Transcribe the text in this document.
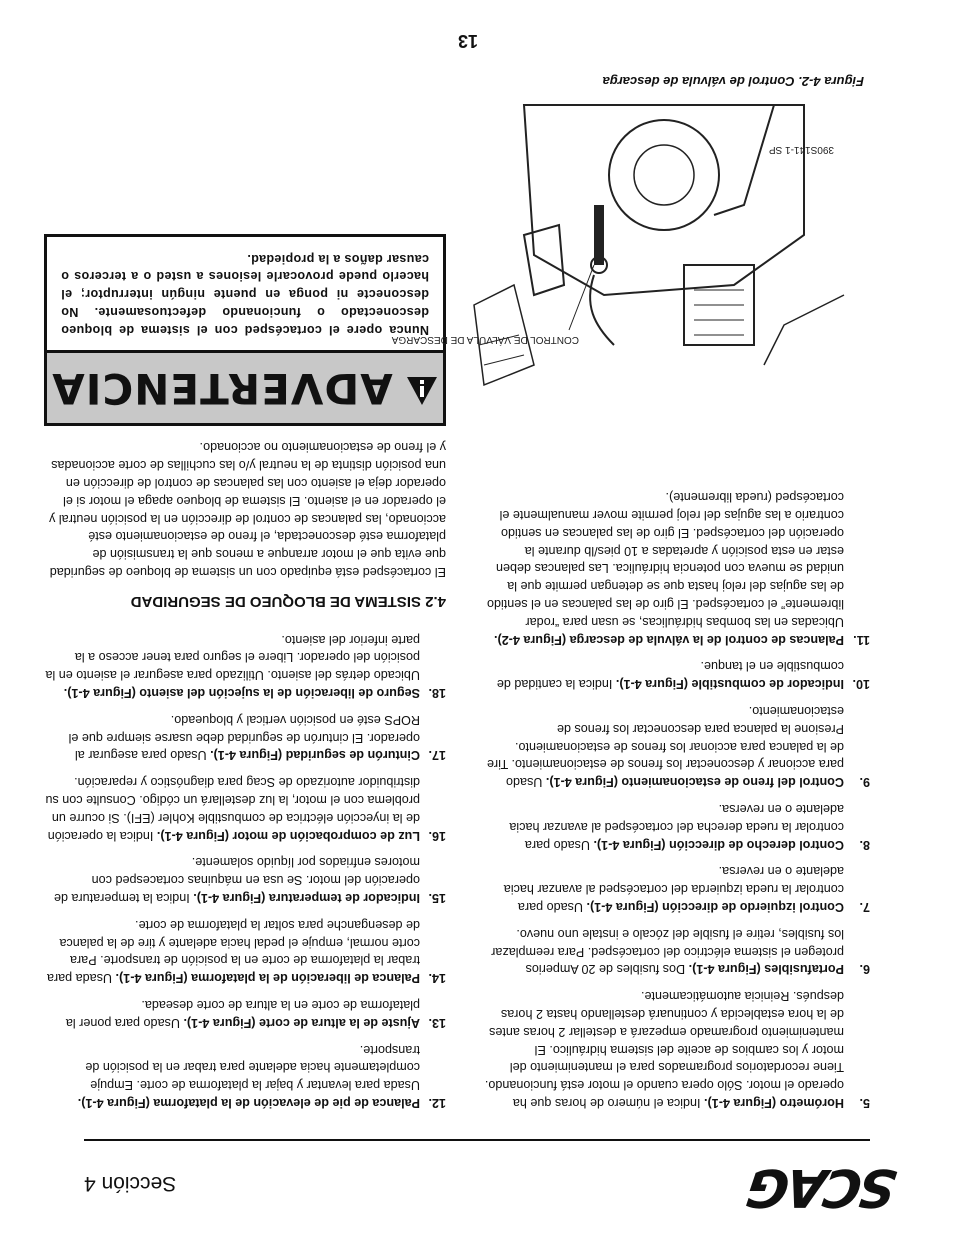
SCAG
Sección 4
5.
Horómetro (Figura 4-1). Indica el número de horas que ha operado el motor. Sólo opera cuando el motor está funcionando. Tiene recordatorios programados para el mantenimiento del motor y los cambios de aceite del sistema hidráulico. El mantenimiento programado empezará a destellar 2 horas antes de la hora establecida y continuará destellando hasta 2 horas después. Reinicia automáticamente.
6.
Portafusibles (Figura 4-1). Dos fusibles de 20 Amperios protegen el sistema eléctrico del cortacésped. Para reemplazar los fusibles, retire el fusible del zócalo e instale uno nuevo.
7.
Control izquierdo de dirección (Figura 4-1). Usado para controlar la rueda izquierda del cortacésped al avanzar hacia adelante o en reversa.
8.
Control derecho de dirección (Figura 4-1). Usado para controlar la rueda derecha del cortacésped al avanzar hacia adelante o en reversa.
9.
Control del freno de estacionamiento (Figura 4-1). Usado para accionar y desconectar los frenos de estacionamiento. Tire de la palanca para accionar los frenos de estacionamiento. Presione la palanca para desconectar los frenos de estacionamiento.
10.
Indicador de combustible (Figura 4-1). Indica la cantidad de combustible en el tanque.
11.
Palancas de control de la válvula de descarga (Figura 4-2). Ubicadas en las bombas hidráulicas, se usan para “rodar libremente” el cortacésped. El giro de las palancas en el sentido de las agujas del reloj hasta que se detengan permite que la unidad se mueva con potencia hidráulica. Las palancas deben estar en esta posición y apretadas a 10 pies/lb durante la operación del cortacésped. El giro de las palancas en sentido contrario a las agujas del reloj permite mover manualmente el cortacésped (rueda libremente).
12.
Palanca de pie de elevación de la plataforma (Figura 4-1). Usada para levantar y bajar la plataforma de corte. Empuje completamente hacia adelante para trabar en la posición de transporte.
13.
Ajuste de la altura de corte (Figura 4-1). Usado para poner la plataforma de corte en la altura de corte deseada.
14.
Palanca de liberación de la plataforma (Figura 4-1). Usada para trabar la plataforma de corte en la posición de transporte. Para corte normal, empuje el pedal hacia adelante y tire de la palanca de desenganche para soltar la plataforma de corte.
15.
Indicador de temperatura (Figura 4-1). Indica la temperatura de operación del motor. Se usa en máquinas cortacesped con motores enfriados por líquido solamente.
16.
Luz de comprobación de motor (Figura 4-1). Indica la operación de la inyección eléctrica de combustible Kohler (EFI). Si ocurre un problema con el motor, la luz destellará un código. Consulte con su distribuidor autorizado de Scag para diagnóstico y reparación.
17.
Cinturón de seguridad (Figura 4-1). Usado para asegurar al operador. El cinturón de seguridad debe usarse siempre que el ROPS esté en posición vertical y bloqueado.
18.
Seguro de liberación de la sujeción del asiento (Figura 4-1). Ubicado detrás del asiento. Utilizado para asegurar el asiento en la posición del operador. Libere el seguro para tener acceso a la parte inferior del asiento.
4.2 SISTEMA DE BLOQUEO DE SEGURIDAD

El cortacésped está equipado con un sistema de bloqueo de seguridad que evita que el motor arranque a menos que la transmisión de plataforma esté desconectada, el freno de estacionamiento esté accionado, las palancas de control de dirección en la posición neutral y el operador en el asiento. El sistema de bloqueo apaga el motor si el operador deja el asiento con las palancas de control de dirección en una posición distinta de la neutral y/o las cuchillas de corte accionadas y el freno de estacionamiento no accionado.

ADVERTENCIA
Nunca opere el cortacésped con el sistema de bloqueo desconectado o funcionando defectuosamente. No desconecte ni ponga en puente ningún interruptor; el hacerlo puede provocarle lesiones a usted o a terceros o causar daños a la propiedad.
390S141-1 SP
CONTROL DE VÁLVULA DE DESCARGA
Figura 4-2. Control de válvula de descarga
13
